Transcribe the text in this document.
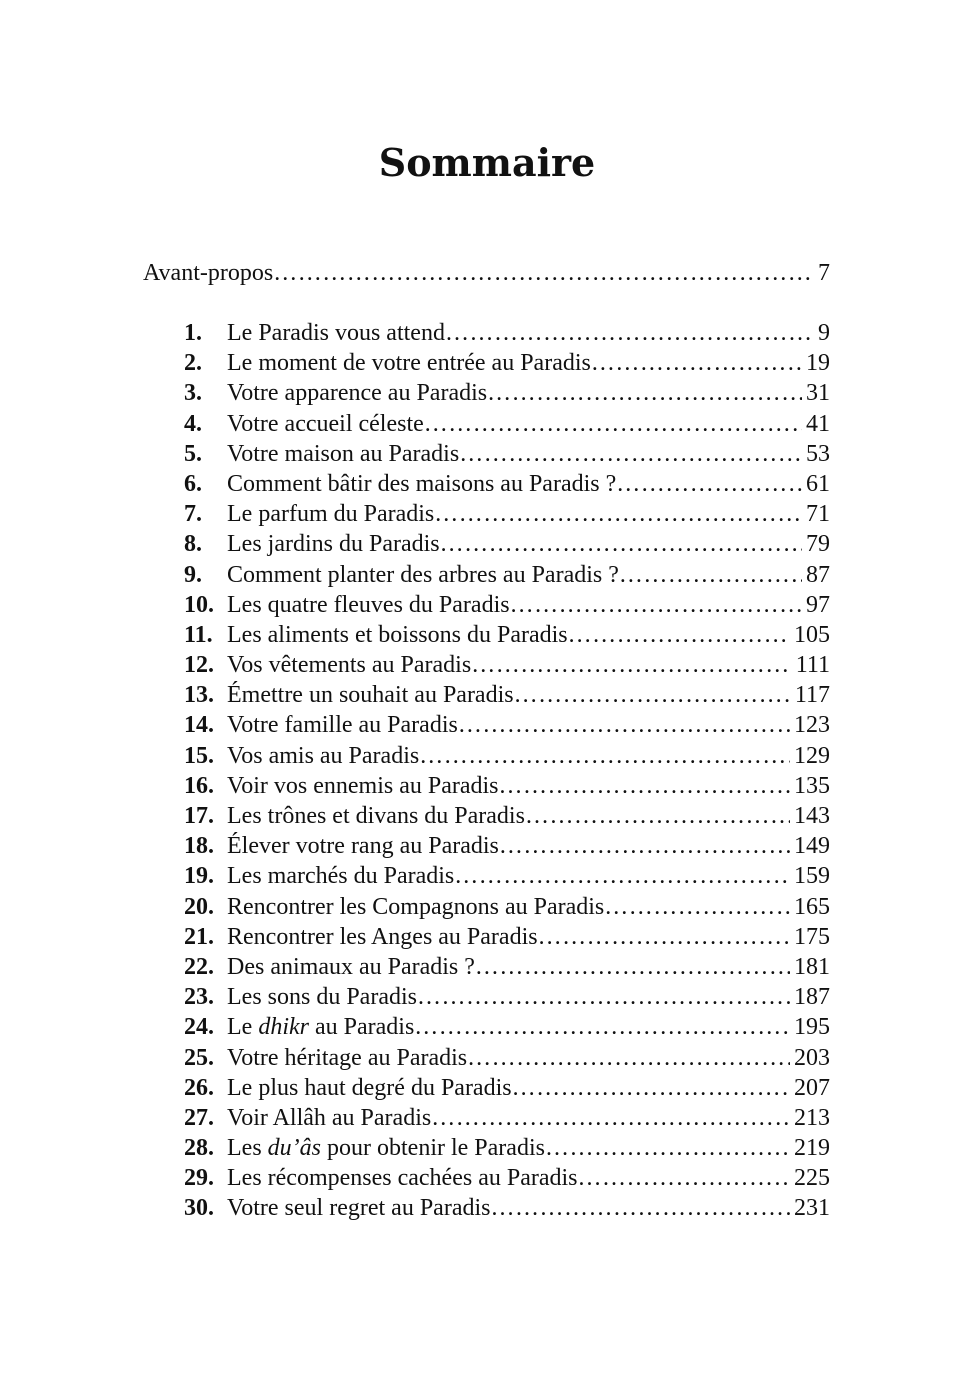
Sommaire
Avant-propos ……………………………………………………………………………………………………………………………………………………………	7
1.	Le Paradis vous attend ……………………………………………………………………………………………………………………………………………………………	9
2.	Le moment de votre entrée au Paradis ……………………………………………………………………………………………………………………………………………………………	19
3.	Votre apparence au Paradis ……………………………………………………………………………………………………………………………………………………………	31
4.	Votre accueil céleste ……………………………………………………………………………………………………………………………………………………………	41
5.	Votre maison au Paradis ……………………………………………………………………………………………………………………………………………………………	53
6.	Comment bâtir des maisons au Paradis ? ……………………………………………………………………………………………………………………………………………………………	61
7.	Le parfum du Paradis ……………………………………………………………………………………………………………………………………………………………	71
8.	Les jardins du Paradis ……………………………………………………………………………………………………………………………………………………………	79
9.	Comment planter des arbres au Paradis ? ……………………………………………………………………………………………………………………………………………………………	87
10. Les quatre fleuves du Paradis ……………………………………………………………………………………………………………………………………………………………	97
11. Les aliments et boissons du Paradis ……………………………………………………………………………………………………………………………………………………………	105
12. Vos vêtements au Paradis ……………………………………………………………………………………………………………………………………………………………	111
13. Émettre un souhait au Paradis ……………………………………………………………………………………………………………………………………………………………	117
14. Votre famille au Paradis ……………………………………………………………………………………………………………………………………………………………	123
15. Vos amis au Paradis ……………………………………………………………………………………………………………………………………………………………	129
16. Voir vos ennemis au Paradis ……………………………………………………………………………………………………………………………………………………………	135
17. Les trônes et divans du Paradis ……………………………………………………………………………………………………………………………………………………………	143
18. Élever votre rang au Paradis ……………………………………………………………………………………………………………………………………………………………	149
19. Les marchés du Paradis ……………………………………………………………………………………………………………………………………………………………	159
20. Rencontrer les Compagnons au Paradis ……………………………………………………………………………………………………………………………………………………………	165
21. Rencontrer les Anges au Paradis ……………………………………………………………………………………………………………………………………………………………	175
22. Des animaux au Paradis ? ……………………………………………………………………………………………………………………………………………………………	181
23. Les sons du Paradis ……………………………………………………………………………………………………………………………………………………………	187
24. Le dhikr au Paradis ……………………………………………………………………………………………………………………………………………………………	195
25. Votre héritage au Paradis ……………………………………………………………………………………………………………………………………………………………	203
26. Le plus haut degré du Paradis ……………………………………………………………………………………………………………………………………………………………	207
27. Voir Allâh au Paradis ……………………………………………………………………………………………………………………………………………………………	213
28. Les du’âs pour obtenir le Paradis ……………………………………………………………………………………………………………………………………………………………	219
29. Les récompenses cachées au Paradis ……………………………………………………………………………………………………………………………………………………………	225
30. Votre seul regret au Paradis ……………………………………………………………………………………………………………………………………………………………	231
